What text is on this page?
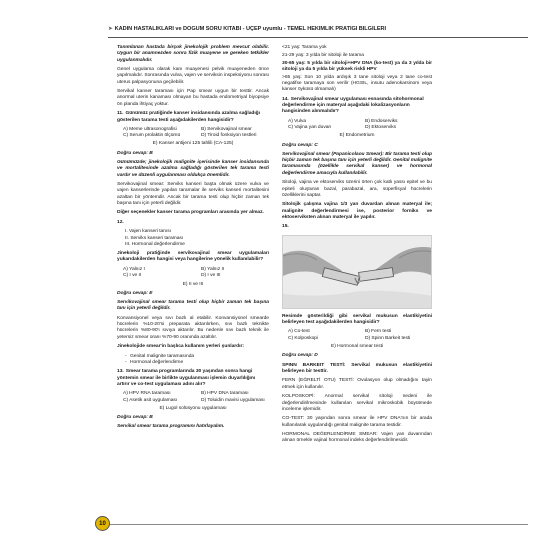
➤ KADIN HASTALIKLARI ve DOĞUM SORU KİTABI - UÇEP uyumlu - TEMEL HEKİMLİK PRATİĞİ BİLGİLERİ

Tanımlanan hastada birçok jinekolojik problem mevcut olabilir. Uygun bir anamnezden sonra fizik muayene ve gereken tetkikler uygulanmalıdır.

Genel uygulama olarak kanı muayenesi pelvik muayeneden önce yapılmalıdır. Sonrasında vulva, vajen ve serviksin inspeksiyonu sonrası uterus palpasyonuna geçilebilir.

Servikal kanser taraması için Pap smear uygun bir testtir. Ancak anormal uterin kanaması olmayan bu hastada endometriyal biyopsiye ön planda ihtiyaç yoktur.

11. Günümüz pratiğinde kanser insidansında azalma sağladığı gösterilen tarama testi aşağıdakilerden hangisidir?
A) Meme ultrasonografisi	B) Servikovajinal smear
C) Serum prolaktin ölçümü	D) Tiroid fonksiyon testleri
E) Kanser antijeni 125 tahlili (CA-125)
Doğru cevap: B

Günümüzde; jinekolojik malignite içerisinde kanser insidansında ve mortalitesinde azalma sağladığı gösterilen tek tarama testi vardır ve düzenli uygulanması oldukça önemlidir.

Servikovajinal smear: Serviks kanseri başta olmak üzere vulva ve vajen kanserlerinde yapılan taramalar ile serviks kanseri mortalitesini azaltan bir yöntemdir. Ancak bir tarama testi olup hiçbir zaman tek başına tanı için yeterli değildir.

Diğer seçenekler kanser tarama programları arasında yer almaz.

12.
I. Vajen kanseri tanısı
II. Serviks kanseri taraması
III. Hormonal değerlendirme

Jinekoloji pratiğinde servikovajinal smear uygulamaları yukarıdakilerden hangisi veya hangilerine yönelik kullanılabilir?

A) Yalnız I	B) Yalnız II
C) I ve II	D) I ve III
E) II ve III
Doğru cevap: E

Servikovajinal smear tarama testi olup hiçbir zaman tek başına tanı için yeterli değildir.

Konvansiyonel veya sıvı bazlı al etabilir. Konvansiyonel smearde hücrelerin %10-20'si preparata aktarılırken, sıvı bazlı teknikte hücrelerin %80-90'ı sıvıya aktarılır. Bu nedenle sıvı bazlı teknik ile yetersiz smear oranı %70-90 oranında azaltılır.

Jinekolojide smear'in başlıca kullanım yerleri şunlardır:

- Genital malignite taramasında
- Hormonal değerlendirme
13. Smear tarama programlarında 30 yaşından sonra hangi yöntemin smear ile birlikte uygulanması işlemin duyarlılığını artırır ve co-test uygulaması adını alır?
A) HPV RNA taraması	B) HPV DNA taraması
C) Asetik asit uygulaması	D) Toluidin mavisi uygulaması
E) Lugol solüsyonu uygulaması
Doğru cevap: B

Servikal smear tarama programını hatırlayalım.

<21 yaş: Tarama yok

21-29 yaş: 3 yılda bir sitoloji ile tarama

30-65 yaş: 5 yılda bir sitoloji+HPV DNA (ko-test) ya da 3 yılda bir sitoloji ya da 5 yılda bir yüksek riskli HPV

>65 yaş: Son 10 yılda ardışık 3 tane sitoloji veya 2 tane co-test negatifse taramaya son verilir (HGSIL, insutu adenokarsinom veya kanser öyküsü olmamalı)

14. Servikovajinal smear uygulaması esnasında sitohormonal değerlendirme için materyal aşağıdaki lokalizasyonların hangisinden alınmalıdır?
A) Vulva	B) Endoserviks
C) Vajina yan duvarı	D) Ektoserviks
E) Endometrium
Doğru cevap: C

Servikovajinal smear (Papanicolaou Smear): Bir tarama testi olup hiçbir zaman tek başına tanı için yeterli değildir. Genital malignite taramasında (özellikle servikal kanser) ve hormonal değerlendirme amacıyla kullanılabilir.

Sitoloji, vajina ve ektoserviks üzerini örten çok katlı yassı epitel ve bu epiteli oluşturan bazal, parabazal, ara, süperfisyal hücrelerin özelliklerini saptar.

Sitolojik çalışma vajina 1/3 yan duvardan alınan materyal ile; malignite değerlendirmesi ise, posterior forniks ve ektoserviksten alınan materyal ile yapılır.

15.

Resimde gösterildiği gibi servikal mukusun elastikiyetini belirleyen test aşağıdakilerden hangisidir?

A) Co-test	B) Fern testi
C) Kolposkopi	D) Spinn Barkeit testi
E) Hormonal smear testi
Doğru cevap: D

SPINN BARKEIT TESTİ: Servikal mukusun elastikiyetini belirleyen bir testtir.

FERN (EĞRELTİ OTU) TESTİ: Ovulasyon olup olmadığını tayin etmek için kullanılır.

KOLPOSKOPİ: Anormal servikal sitoloji nedeni ile değerlendirilmesinde kullanılan servikal mikroskobik büyütmede inceleme işlemidir.

CO-TEST: 30 yaşından sonra smear ile HPV DNA'nın bir arada kullanılarak uygulandığı genital malignite tarama testidir.

HORMONAL DEĞERLENDİRME SMEAR: Vajen yan duvarından alınan örnekle vajinal hormonal indeks değerlendirilmesidir.

10
